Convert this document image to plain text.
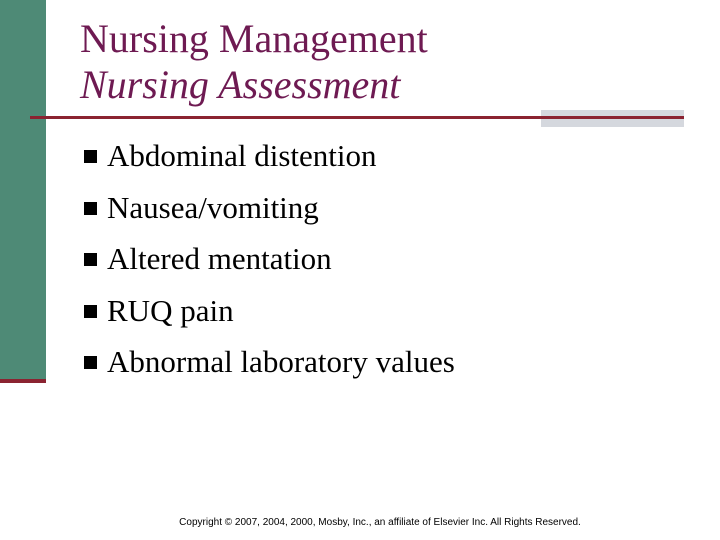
Nursing Management
Nursing Assessment
Abdominal distention
Nausea/vomiting
Altered mentation
RUQ pain
Abnormal laboratory values
Copyright © 2007, 2004, 2000, Mosby, Inc., an affiliate of Elsevier Inc. All Rights Reserved.
